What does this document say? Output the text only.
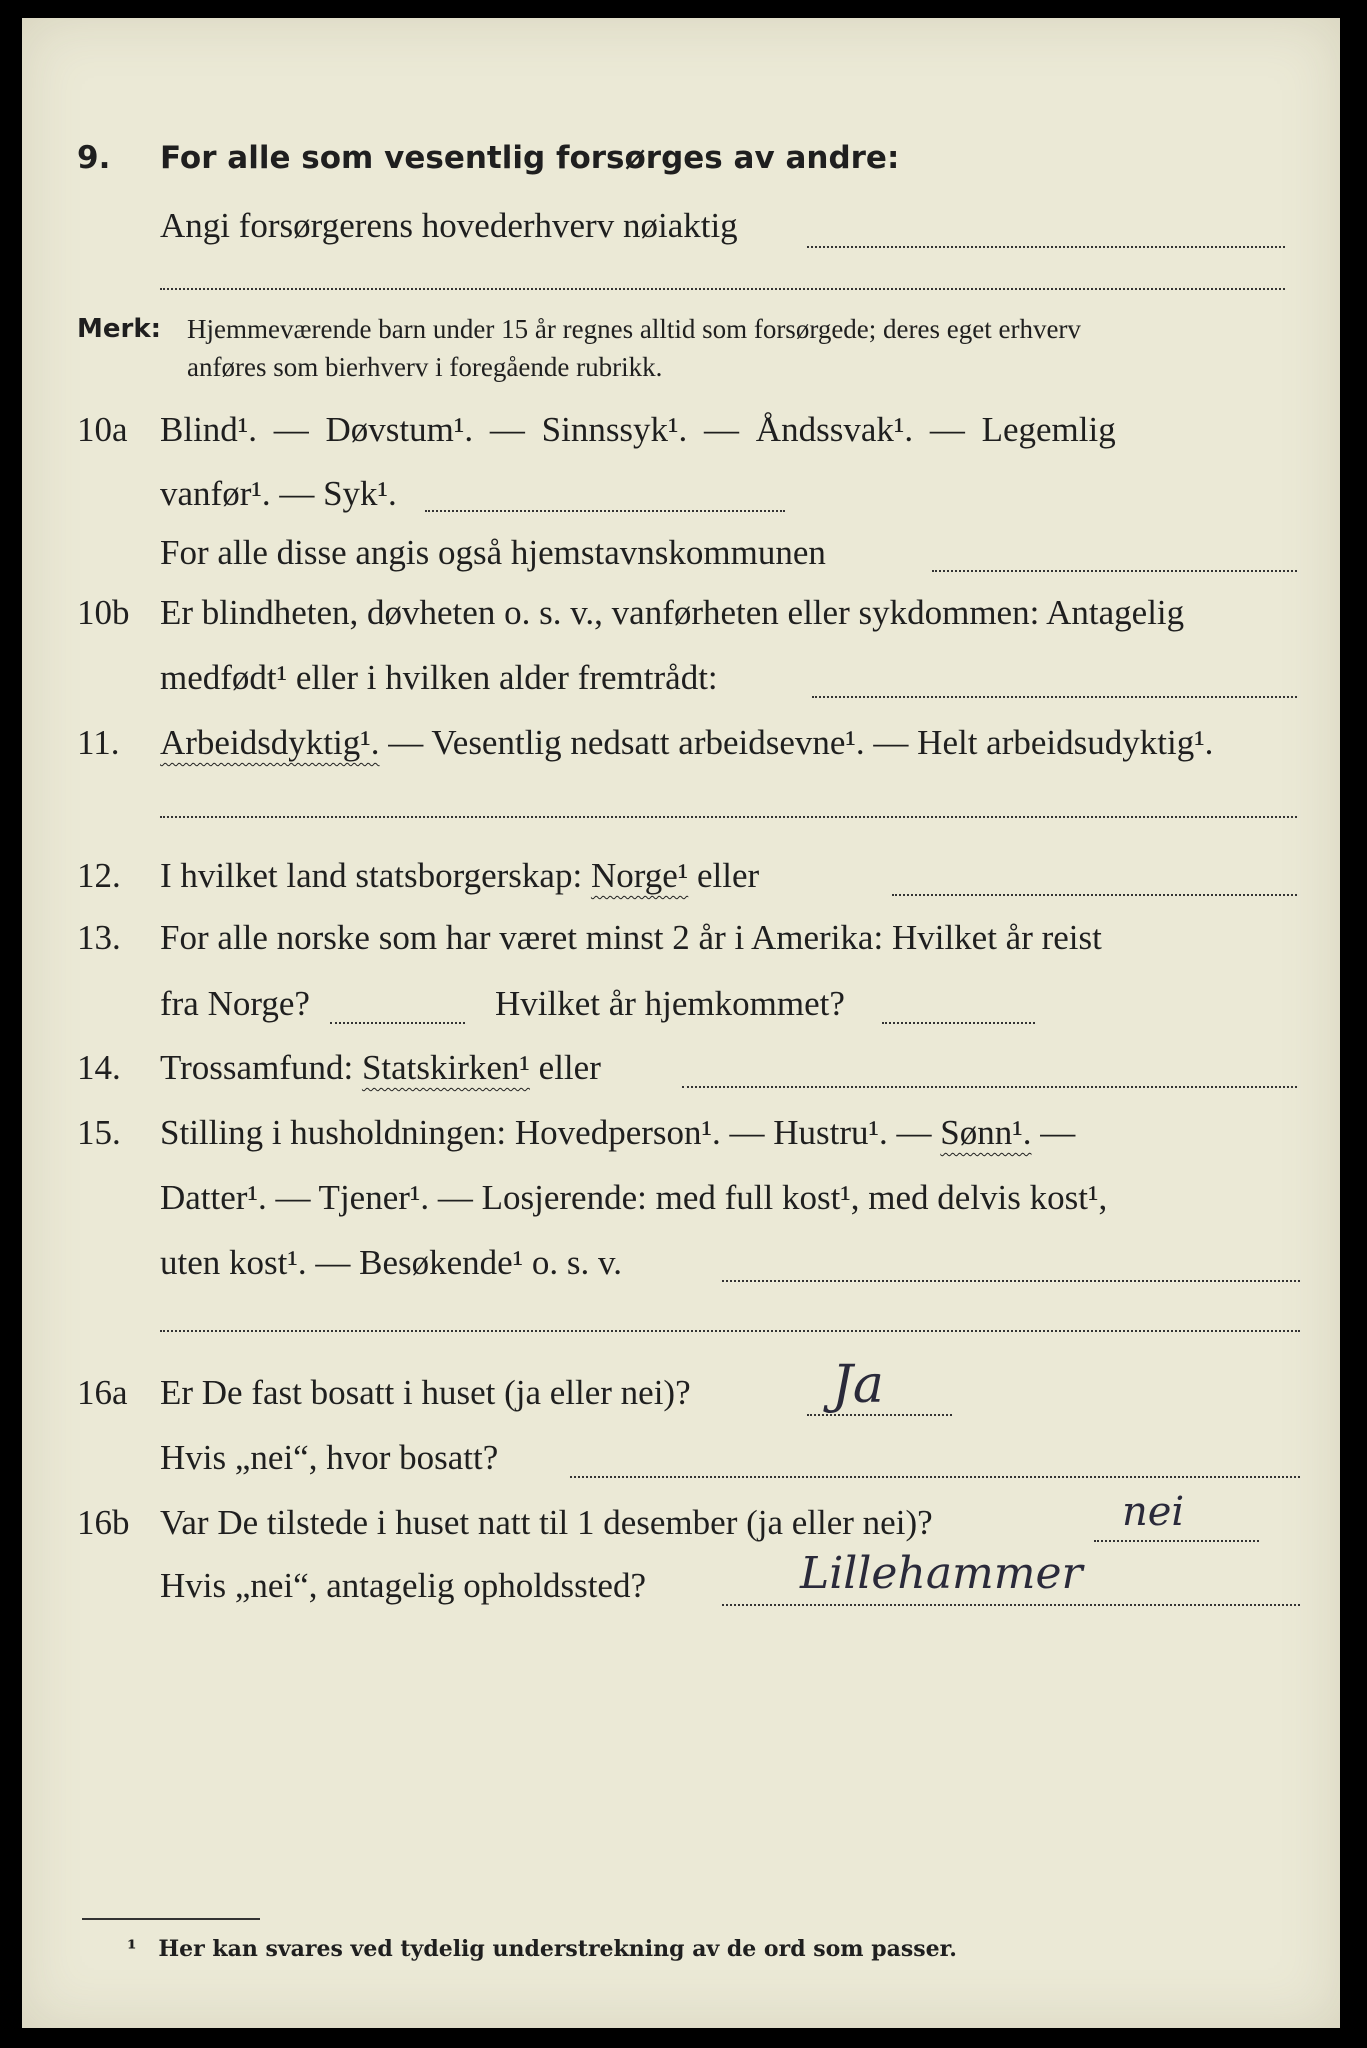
9. For alle som vesentlig forsørges av andre:
Angi forsørgerens hovederhverv nøiaktig
Merk: Hjemmeværende barn under 15 år regnes alltid som forsørgede; deres eget erhverv
anføres som bierhverv i foregående rubrikk.
10a Blind¹. — Døvstum¹. — Sinnssyk¹. — Åndssvak¹. — Legemlig
vanfør¹. — Syk¹.
For alle disse angis også hjemstavnskommunen
10b Er blindheten, døvheten o. s. v., vanførheten eller sykdommen: Antagelig
medfødt¹ eller i hvilken alder fremtrådt:
11. Arbeidsdyktig¹. — Vesentlig nedsatt arbeidsevne¹. — Helt arbeidsudyktig¹.
12. I hvilket land statsborgerskap: Norge¹ eller
13. For alle norske som har været minst 2 år i Amerika: Hvilket år reist
fra Norge?	Hvilket år hjemkommet?
14. Trossamfund: Statskirken¹ eller
15. Stilling i husholdningen: Hovedperson¹. — Hustru¹. — Sønn¹. —
Datter¹. — Tjener¹. — Losjerende: med full kost¹, med delvis kost¹,
uten kost¹. — Besøkende¹ o. s. v.
16a Er De fast bosatt i huset (ja eller nei)?	Ja
Hvis „nei“, hvor bosatt?
16b Var De tilstede i huset natt til 1 desember (ja eller nei)?	nei
Hvis „nei“, antagelig opholdssted?	Lillehammer
¹ Her kan svares ved tydelig understrekning av de ord som passer.
